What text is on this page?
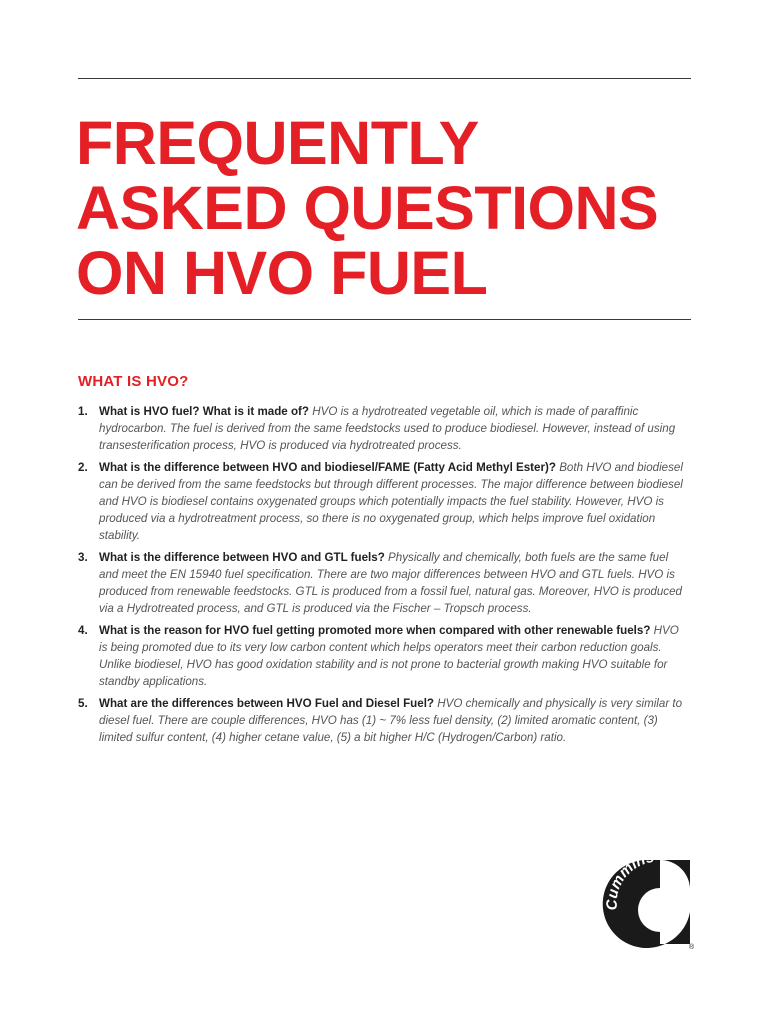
FREQUENTLY
ASKED QUESTIONS
ON HVO FUEL
WHAT IS HVO?
1. What is HVO fuel? What is it made of? HVO is a hydrotreated vegetable oil, which is made of paraffinic hydrocarbon. The fuel is derived from the same feedstocks used to produce biodiesel. However, instead of using transesterification process, HVO is produced via hydrotreated process.
2. What is the difference between HVO and biodiesel/FAME (Fatty Acid Methyl Ester)? Both HVO and biodiesel can be derived from the same feedstocks but through different processes. The major difference between biodiesel and HVO is biodiesel contains oxygenated groups which potentially impacts the fuel stability. However, HVO is produced via a hydrotreatment process, so there is no oxygenated group, which helps improve fuel oxidation stability.
3. What is the difference between HVO and GTL fuels? Physically and chemically, both fuels are the same fuel and meet the EN 15940 fuel specification. There are two major differences between HVO and GTL fuels. HVO is produced from renewable feedstocks. GTL is produced from a fossil fuel, natural gas. Moreover, HVO is produced via a Hydrotreated process, and GTL is produced via the Fischer – Tropsch process.
4. What is the reason for HVO fuel getting promoted more when compared with other renewable fuels? HVO is being promoted due to its very low carbon content which helps operators meet their carbon reduction goals. Unlike biodiesel, HVO has good oxidation stability and is not prone to bacterial growth making HVO suitable for standby applications.
5. What are the differences between HVO Fuel and Diesel Fuel? HVO chemically and physically is very similar to diesel fuel. There are couple differences, HVO has (1) ~ 7% less fuel density, (2) limited aromatic content, (3) limited sulfur content, (4) higher cetane value, (5) a bit higher H/C (Hydrogen/Carbon) ratio.
Cummins
®
